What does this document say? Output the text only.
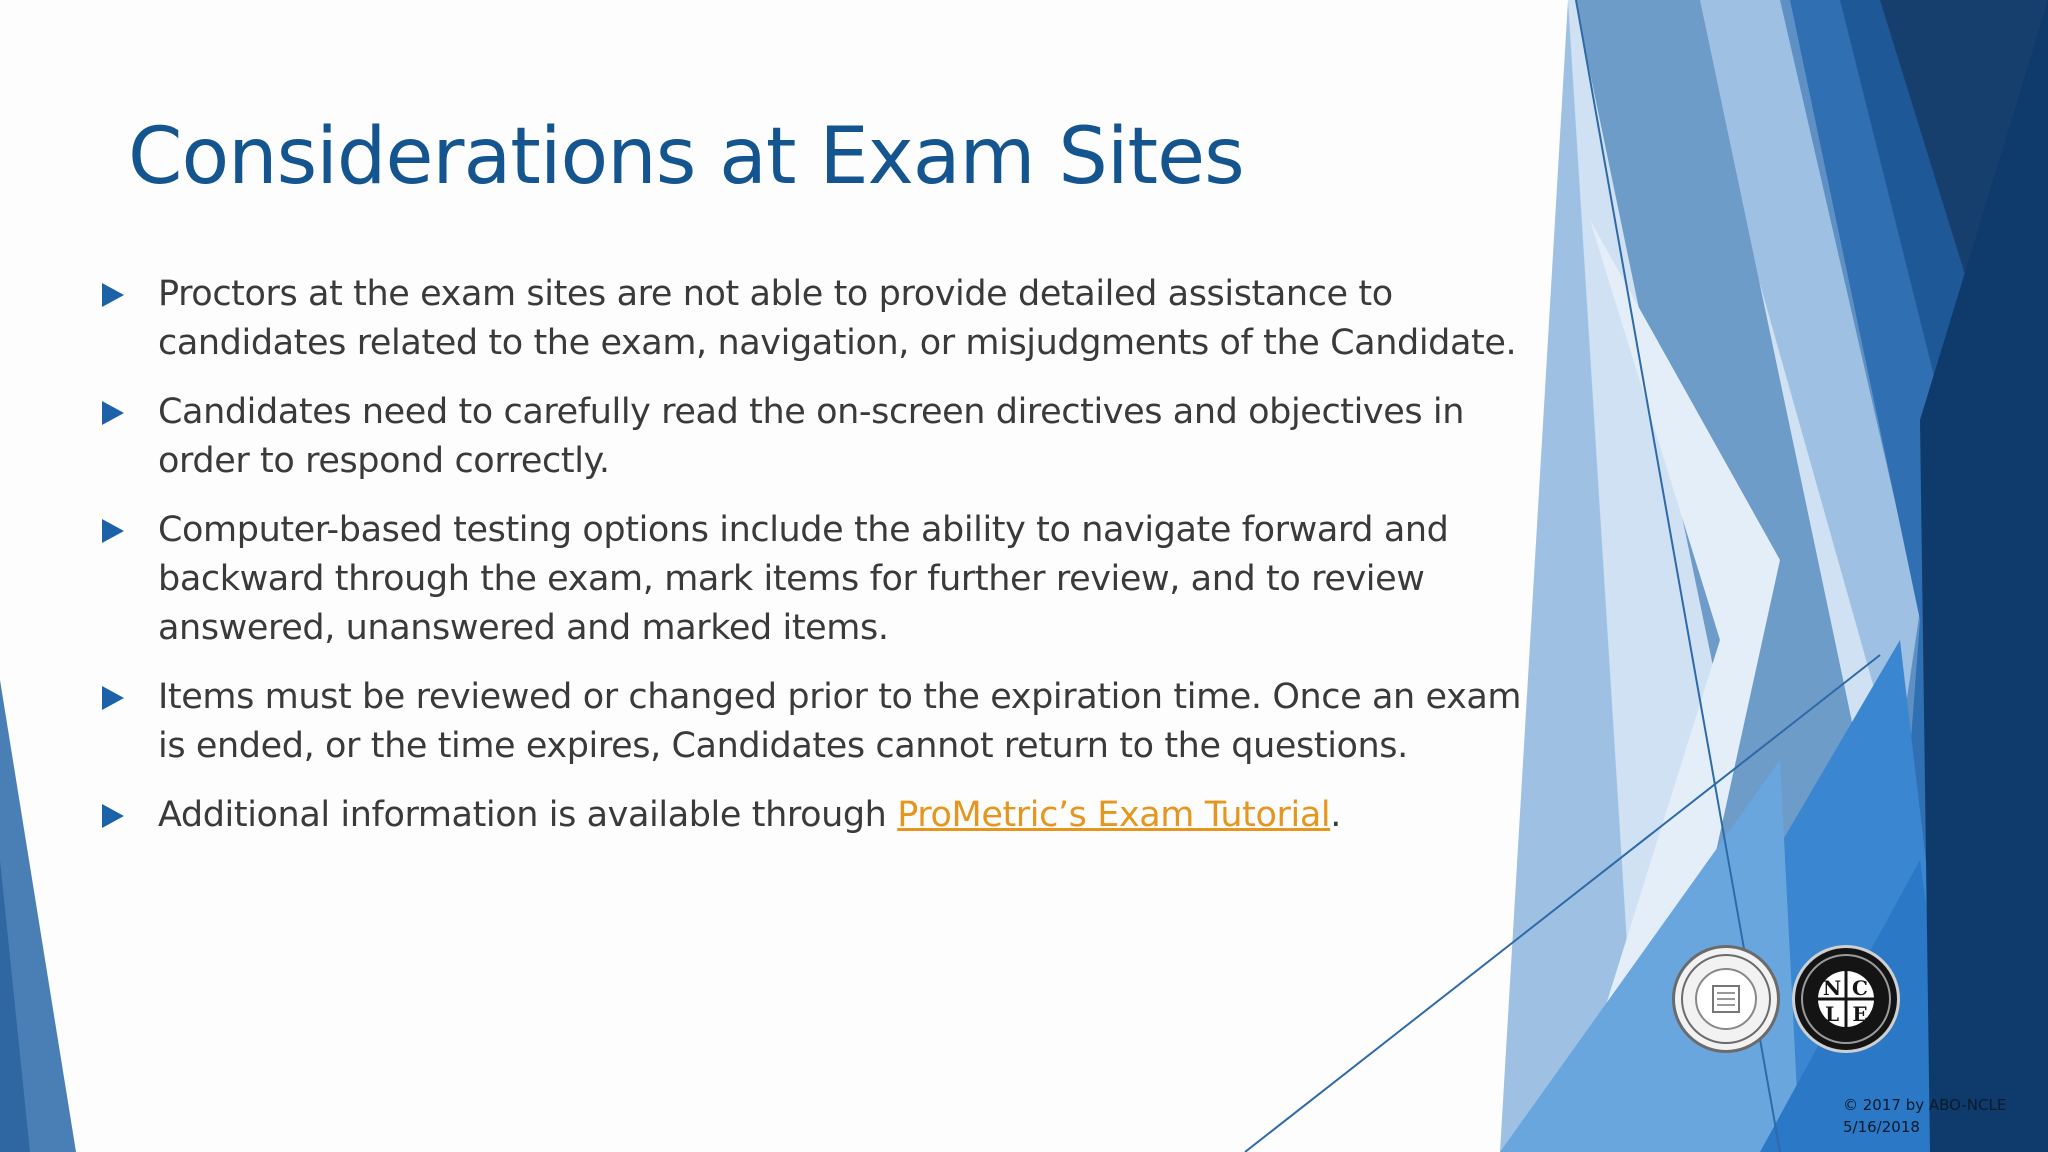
Considerations at Exam Sites
Proctors at the exam sites are not able to provide detailed assistance to candidates related to the exam, navigation, or misjudgments of the Candidate.
Candidates need to carefully read the on-screen directives and objectives in order to respond correctly.
Computer-based testing options include the ability to navigate forward and backward through the exam, mark items for further review, and to review answered, unanswered and marked items.
Items must be reviewed or changed prior to the expiration time. Once an exam is ended, or the time expires, Candidates cannot return to the questions.
Additional information is available through ProMetric’s Exam Tutorial.
N C
L E
© 2017 by ABO-NCLE
5/16/2018
